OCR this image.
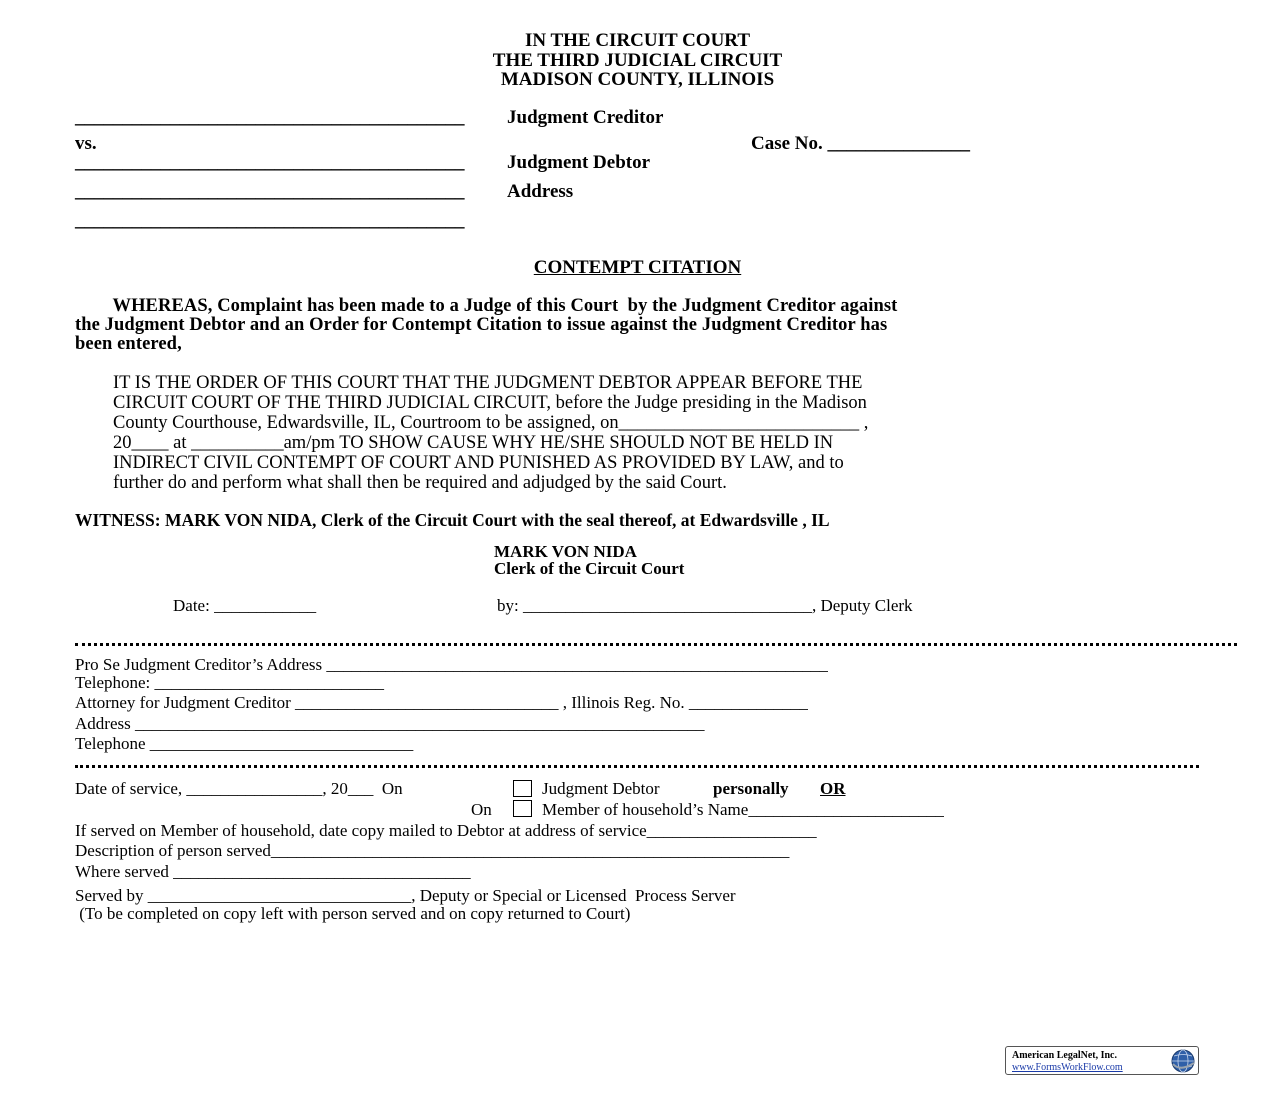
IN THE CIRCUIT COURT
THE THIRD JUDICIAL CIRCUIT
MADISON COUNTY, ILLINOIS
_________________________________________ Judgment Creditor
vs.	Case No. _______________
_________________________________________ Judgment Debtor
_________________________________________ Address
_________________________________________
CONTEMPT CITATION
WHEREAS, Complaint has been made to a Judge of this Court  by the Judgment Creditor against
the Judgment Debtor and an Order for Contempt Citation to issue against the Judgment Creditor has
been entered,
IT IS THE ORDER OF THIS COURT THAT THE JUDGMENT DEBTOR APPEAR BEFORE THE
CIRCUIT COURT OF THE THIRD JUDICIAL CIRCUIT, before the Judge presiding in the Madison
County Courthouse, Edwardsville, IL, Courtroom to be assigned, on__________________________ ,
20____ at __________am/pm TO SHOW CAUSE WHY HE/SHE SHOULD NOT BE HELD IN
INDIRECT CIVIL CONTEMPT OF COURT AND PUNISHED AS PROVIDED BY LAW, and to
further do and perform what shall then be required and adjudged by the said Court.
WITNESS: MARK VON NIDA, Clerk of the Circuit Court with the seal thereof, at Edwardsville , IL
MARK VON NIDA
Clerk of the Circuit Court
Date: ____________	by: __________________________________, Deputy Clerk
Pro Se Judgment Creditor’s Address ___________________________________________________________
Telephone: ___________________________
Attorney for Judgment Creditor _______________________________ , Illinois Reg. No. ______________
Address ___________________________________________________________________
Telephone _______________________________
Date of service, ________________, 20___  On	Judgment Debtor	personally OR
On	Member of household’s Name_______________________
If served on Member of household, date copy mailed to Debtor at address of service____________________
Description of person served_____________________________________________________________
Where served ___________________________________
Served by _______________________________, Deputy or Special or Licensed  Process Server
(To be completed on copy left with person served and on copy returned to Court)
American LegalNet, Inc.
www.FormsWorkFlow.com
